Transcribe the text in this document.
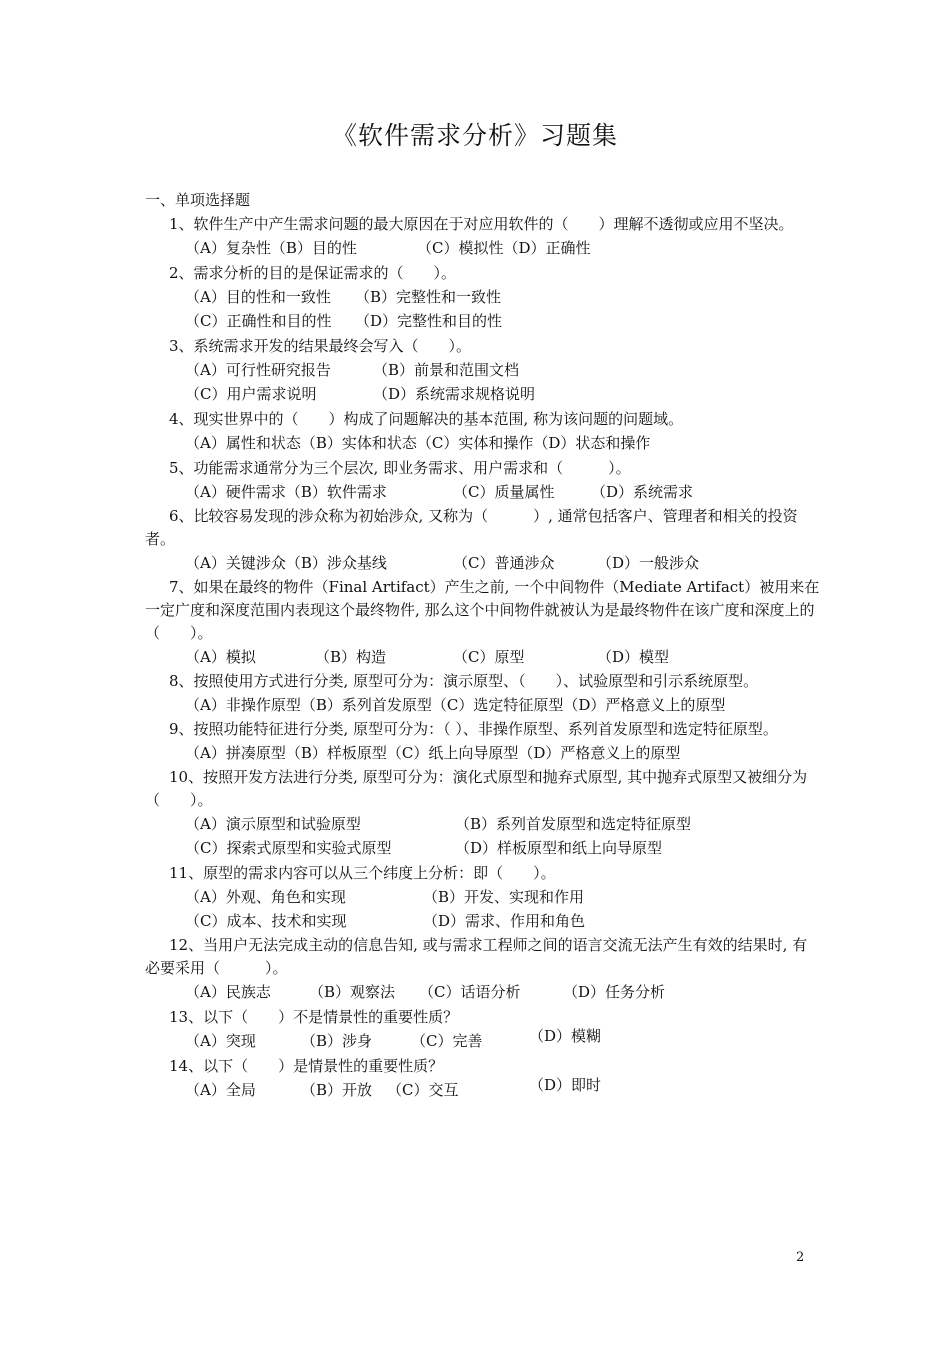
《软件需求分析》习题集
一、单项选择题
1、软件生产中产生需求问题的最大原因在于对应用软件的（　　）理解不透彻或应用不坚决。
（A）复杂性（B）目的性	（C）模拟性（D）正确性
2、需求分析的目的是保证需求的（　　）。
（A）目的性和一致性	（B）完整性和一致性
（C）正确性和目的性	（D）完整性和目的性
3、系统需求开发的结果最终会写入（　　）。
（A）可行性研究报告	（B）前景和范围文档
（C）用户需求说明	（D）系统需求规格说明
4、现实世界中的（　　）构成了问题解决的基本范围, 称为该问题的问题域。
（A）属性和状态（B）实体和状态（C）实体和操作（D）状态和操作
5、功能需求通常分为三个层次, 即业务需求、用户需求和（　　　）。
（A）硬件需求（B）软件需求	（C）质量属性	（D）系统需求
6、比较容易发现的涉众称为初始涉众, 又称为（　　　）, 通常包括客户、管理者和相关的投资者。
（A）关键涉众（B）涉众基线	（C）普通涉众	（D）一般涉众
7、如果在最终的物件（Final Artifact）产生之前, 一个中间物件（Mediate Artifact）被用来在一定广度和深度范围内表现这个最终物件, 那么这个中间物件就被认为是最终物件在该广度和深度上的（　　）。
（A）模拟	（B）构造	（C）原型	（D）模型
8、按照使用方式进行分类, 原型可分为：演示原型、（　　）、试验原型和引示系统原型。
（A）非操作原型（B）系列首发原型（C）选定特征原型（D）严格意义上的原型
9、按照功能特征进行分类, 原型可分为：（ ）、非操作原型、系列首发原型和选定特征原型。
（A）拼凑原型（B）样板原型（C）纸上向导原型（D）严格意义上的原型
10、按照开发方法进行分类, 原型可分为：演化式原型和抛弃式原型, 其中抛弃式原型又被细分为（　　）。
（A）演示原型和试验原型	（B）系列首发原型和选定特征原型
（C）探索式原型和实验式原型	（D）样板原型和纸上向导原型
11、原型的需求内容可以从三个纬度上分析：即（　　）。
（A）外观、角色和实现	（B）开发、实现和作用
（C）成本、技术和实现	（D）需求、作用和角色
12、当用户无法完成主动的信息告知, 或与需求工程师之间的语言交流无法产生有效的结果时, 有必要采用（　　　）。
（A）民族志	（B）观察法	（C）话语分析	（D）任务分析
13、以下（　　）不是情景性的重要性质？
（A）突现	（B）涉身	（C）完善	（D）模糊
14、以下（　　）是情景性的重要性质？
（A）全局	（B）开放 （C）交互	（D）即时
2
